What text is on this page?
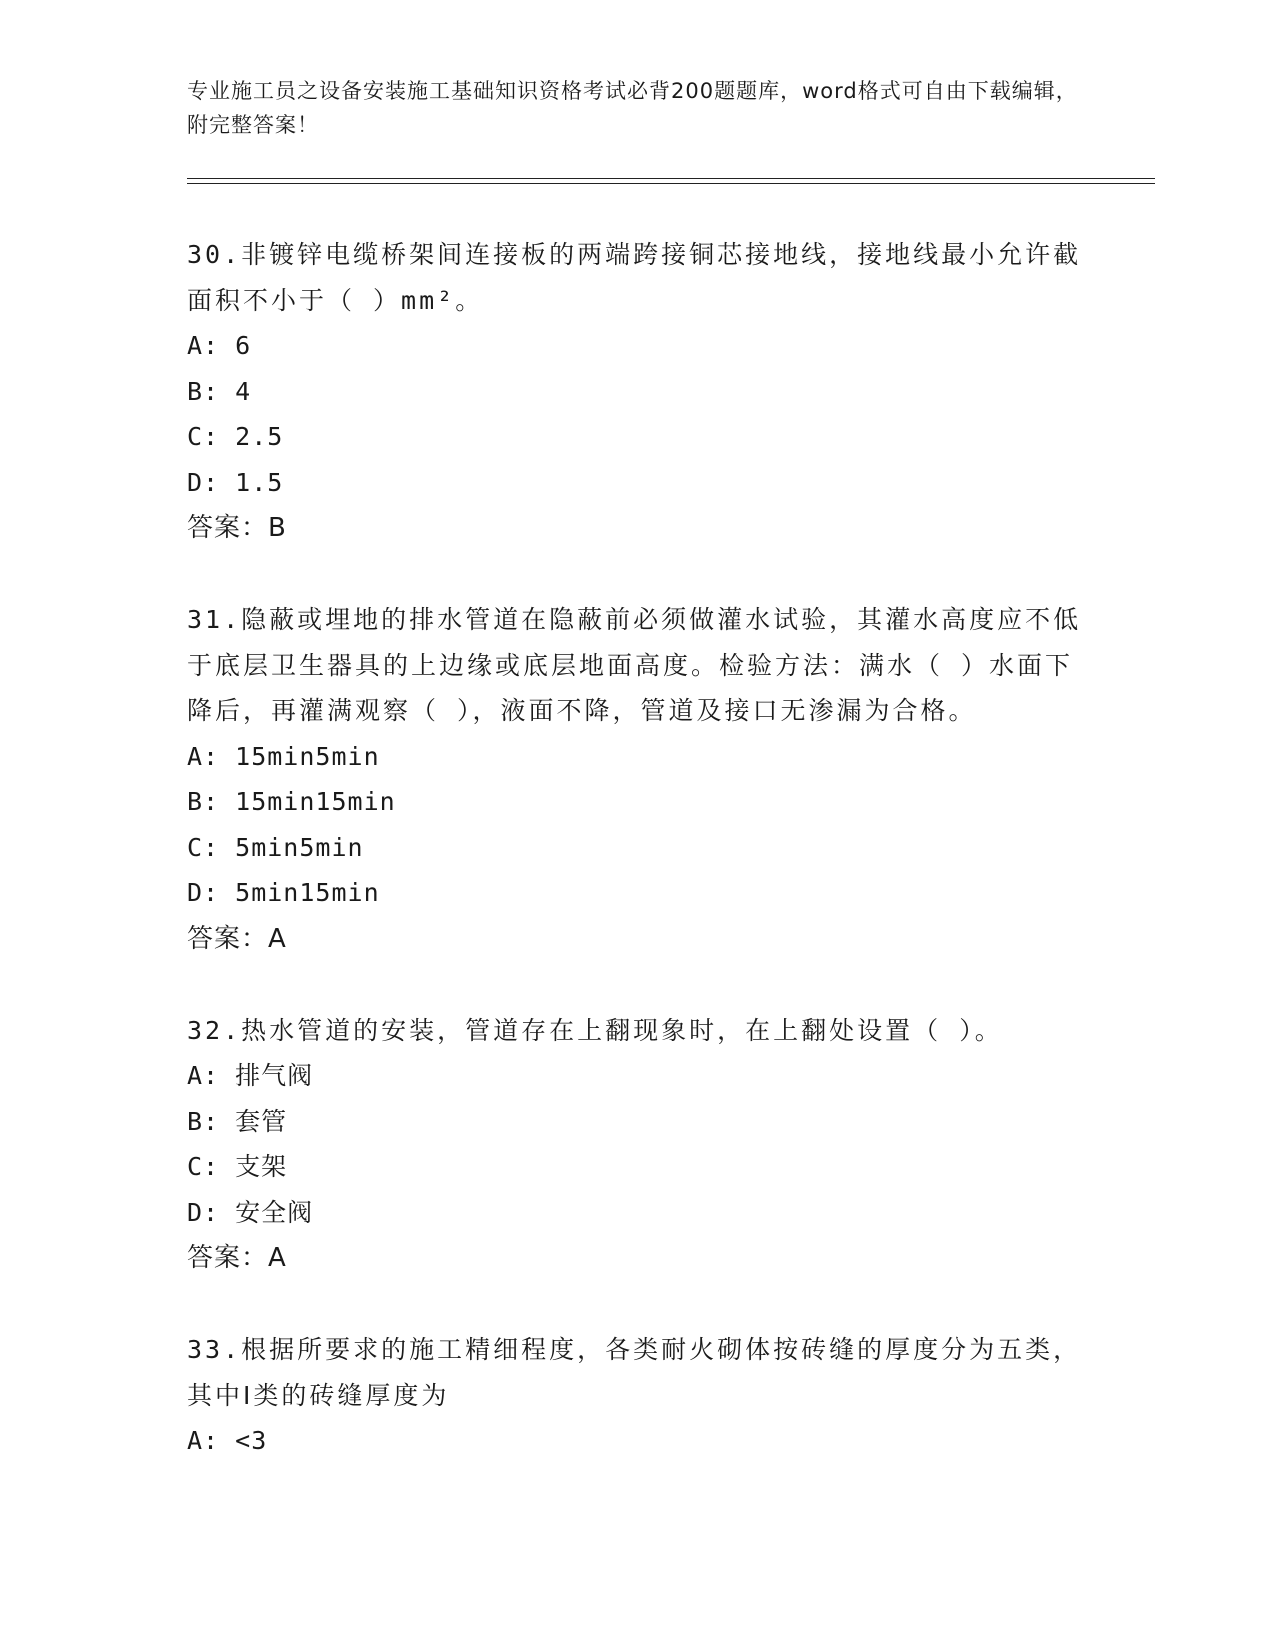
专业施工员之设备安装施工基础知识资格考试必背200题题库，word格式可自由下载编辑，附完整答案！

30.非镀锌电缆桥架间连接板的两端跨接铜芯接地线，接地线最小允许截面积不小于（ ）mm²。

A: 6
B: 4
C: 2.5
D: 1.5
答案：B

31.隐蔽或埋地的排水管道在隐蔽前必须做灌水试验，其灌水高度应不低于底层卫生器具的上边缘或底层地面高度。检验方法：满水（ ）水面下降后，再灌满观察（ ），液面不降，管道及接口无渗漏为合格。

A: 15min5min
B: 15min15min
C: 5min5min
D: 5min15min
答案：A

32.热水管道的安装，管道存在上翻现象时，在上翻处设置（ ）。

A: 排气阀
B: 套管
C: 支架
D: 安全阀
答案：A

33.根据所要求的施工精细程度，各类耐火砌体按砖缝的厚度分为五类，其中Ⅰ类的砖缝厚度为

A: <3
